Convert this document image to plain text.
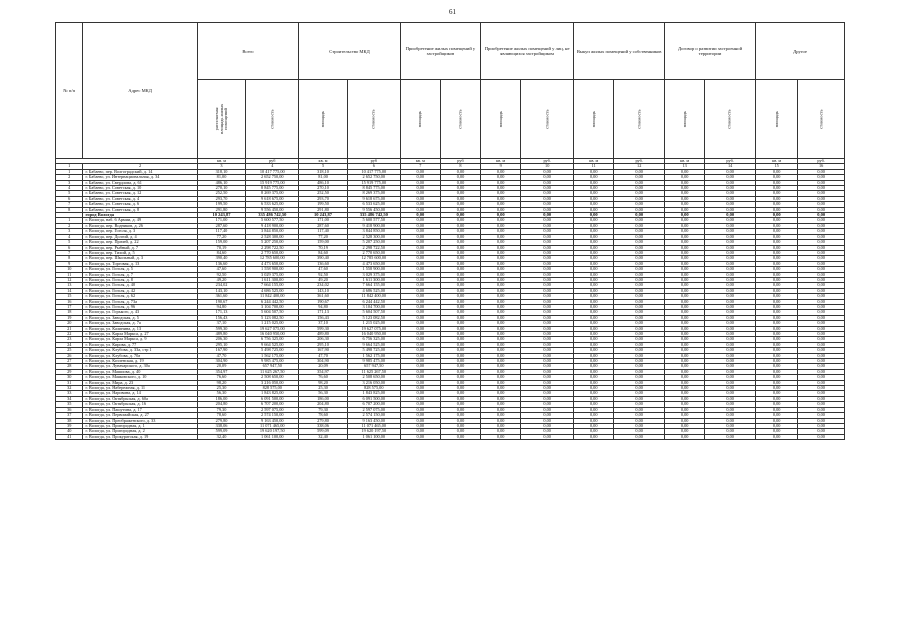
61
№ п/п	Адрес МКД	Всего		Строительство МКД		Приобретение жилых помещений у застройщиков		Приобретение жилых помещений у лиц, не являющихся застройщиком		Выкуп жилых помещений у собственников		Договор о развитии застроенной территории		Другое	
		расселяемая площадь жилых помещений	стоимость	площадь	стоимость	площадь	стоимость	площадь	стоимость	площадь	стоимость	площадь	стоимость	площадь	стоимость
		кв. м	руб	кв. м	руб	кв. м	руб	кв. м	руб.	кв. м	руб.	кв. м	руб.	кв. м	руб.
1	2	3	4	5	6	7	8	9	10	11	12	13	14	15	16
1	г. Бабаево, пер. Волгоградский, д. 14	318,10	10 417 775,00	318,10	10 417 775,00	0,00	0,00	0,00	0,00	0,00	0,00	0,00	0,00	0,00	0,00
2	г. Бабаево, ул. Интернациональная, д. 34	81,00	2 652 750,00	81,00	2 652 750,00	0,00	0,00	0,00	0,00	0,00	0,00	0,00	0,00	0,00	0,00
3	г. Бабаево, ул. Свердлова, д. 61	486,10	15 919 775,00	486,10	15 919 775,00	0,00	0,00	0,00	0,00	0,00	0,00	0,00	0,00	0,00	0,00
4	г. Бабаево, ул. Советская, д. 10	270,10	8 845 775,00	270,10	8 845 775,00	0,00	0,00	0,00	0,00	0,00	0,00	0,00	0,00	0,00	0,00
5	г. Бабаево, ул. Советская, д. 12	252,50	8 269 375,00	252,50	8 269 375,00	0,00	0,00	0,00	0,00	0,00	0,00	0,00	0,00	0,00	0,00
6	г. Бабаево, ул. Советская, д. 4	293,70	9 618 675,00	293,70	9 618 675,00	0,00	0,00	0,00	0,00	0,00	0,00	0,00	0,00	0,00	0,00
7	г. Бабаево, ул. Советская, д. 6	199,50	6 533 625,00	199,50	6 533 625,00	0,00	0,00	0,00	0,00	0,00	0,00	0,00	0,00	0,00	0,00
8	г. Бабаево, ул. Советская, д. 8	291,80	9 556 450,00	291,80	9 556 450,00	0,00	0,00	0,00	0,00	0,00	0,00	0,00	0,00	0,00	0,00
	город Вологда	10 243,87	335 486 742,50	10 243,87	335 486 742,50	0,00	0,00	0,00	0,00	0,00	0,00	0,00	0,00	0,00	0,00
1	г. Вологда, наб. 6 Армии, д. 49	171,00	5 600 577,50	171,00	5 600 577,50	0,00	0,00	0,00	0,00	0,00	0,00	0,00	0,00	0,00	0,00
2	г. Вологда, пер. Водников, д. 26	287,60	9 418 900,00	287,60	9 418 900,00	0,00	0,00	0,00	0,00	0,00	0,00	0,00	0,00	0,00	0,00
3	г. Вологда, пер. Гоголя, д. 3	117,40	3 844 850,00	117,40	3 844 850,00	0,00	0,00	0,00	0,00	0,00	0,00	0,00	0,00	0,00	0,00
4	г. Вологда, пер. Долгий, д. 4	77,20	2 528 300,00	77,20	2 528 300,00	0,00	0,00	0,00	0,00	0,00	0,00	0,00	0,00	0,00	0,00
5	г. Вологда, пер. Прачей, д. 22	159,00	5 207 250,00	159,00	5 207 250,00	0,00	0,00	0,00	0,00	0,00	0,00	0,00	0,00	0,00	0,00
6	г. Вологда, пер. Рыбный, д. 7	70,19	2 298 722,50	70,19	2 298 722,50	0,00	0,00	0,00	0,00	0,00	0,00	0,00	0,00	0,00	0,00
7	г. Вологда, пер. Тихий, д. 5	84,60	2 770 650,00	84,60	2 770 650,00	0,00	0,00	0,00	0,00	0,00	0,00	0,00	0,00	0,00	0,00
8	г. Вологда, пер. Школьный, д. 3	390,40	12 785 600,00	390,40	12 785 600,00	0,00	0,00	0,00	0,00	0,00	0,00	0,00	0,00	0,00	0,00
9	г. Вологда, ул. Торговая, д. 13	136,60	4 473 650,00	136,60	4 473 650,00	0,00	0,00	0,00	0,00	0,00	0,00	0,00	0,00	0,00	0,00
10	г. Вологда, ул. Гоголя, д. 5	47,60	1 558 900,00	47,60	1 558 900,00	0,00	0,00	0,00	0,00	0,00	0,00	0,00	0,00	0,00	0,00
11	г. Вологда, ул. Гоголя, д. 7	92,50	3 029 375,00	92,50	3 029 375,00	0,00	0,00	0,00	0,00	0,00	0,00	0,00	0,00	0,00	0,00
12	г. Вологда, ул. Гоголя, д. 8	49,20	1 611 300,00	49,20	1 611 300,00	0,00	0,00	0,00	0,00	0,00	0,00	0,00	0,00	0,00	0,00
13	г. Вологда, ул. Гоголя, д. 40	234,02	7 664 155,00	234,02	7 664 155,00	0,00	0,00	0,00	0,00	0,00	0,00	0,00	0,00	0,00	0,00
14	г. Вологда, ул. Гоголя, д. 42	143,10	4 686 525,00	143,10	4 686 525,00	0,00	0,00	0,00	0,00	0,00	0,00	0,00	0,00	0,00	0,00
15	г. Вологда, ул. Гоголя, д. 62	361,60	11 842 400,00	361,60	11 842 400,00	0,00	0,00	0,00	0,00	0,00	0,00	0,00	0,00	0,00	0,00
16	г. Вологда, ул. Гоголя, д. 73а	190,67	6 244 442,50	190,67	6 244 442,50	0,00	0,00	0,00	0,00	0,00	0,00	0,00	0,00	0,00	0,00
17	г. Вологда, ул. Гоголя, д. 96	94,80	3 104 700,00	94,80	3 104 700,00	0,00	0,00	0,00	0,00	0,00	0,00	0,00	0,00	0,00	0,00
18	г. Вологда, ул. Горького, д. 43	171,13	5 604 507,50	171,13	5 604 507,50	0,00	0,00	0,00	0,00	0,00	0,00	0,00	0,00	0,00	0,00
19	г. Вологда, ул. Заводская, д. 5	156,43	5 123 082,50	156,43	5 123 082,50	0,00	0,00	0,00	0,00	0,00	0,00	0,00	0,00	0,00	0,00
20	г. Вологда, ул. Заводская, д. 7а	37,10	1 215 025,00	37,10	1 215 025,00	0,00	0,00	0,00	0,00	0,00	0,00	0,00	0,00	0,00	0,00
21	г. Вологда, ул. Калинина, д. 13	599,30	19 627 075,00	599,30	19 627 075,00	0,00	0,00	0,00	0,00	0,00	0,00	0,00	0,00	0,00	0,00
22	г. Вологда, ул. Карла Маркса, д. 27	489,80	16 040 950,00	489,80	16 040 950,00	0,00	0,00	0,00	0,00	0,00	0,00	0,00	0,00	0,00	0,00
23	г. Вологда, ул. Карла Маркса, д. 9	206,30	6 756 325,00	206,30	6 756 325,00	0,00	0,00	0,00	0,00	0,00	0,00	0,00	0,00	0,00	0,00
24	г. Вологда, ул. Кирова, д. 77	295,10	9 664 525,00	295,10	9 664 525,00	0,00	0,00	0,00	0,00	0,00	0,00	0,00	0,00	0,00	0,00
25	г. Вологда, ул. Клубова, д. 33а, стр 1	167,90	5 498 725,00	167,90	5 498 725,00	0,00	0,00	0,00	0,00	0,00	0,00	0,00	0,00	0,00	0,00
26	г. Вологда, ул. Клубова, д. 70а	47,70	1 562 175,00	47,70	1 562 175,00	0,00	0,00	0,00	0,00	0,00	0,00	0,00	0,00	0,00	0,00
27	г. Вологда, ул. Козленская, д. 19	304,90	9 985 475,00	304,90	9 985 475,00	0,00	0,00	0,00	0,00	0,00	0,00	0,00	0,00	0,00	0,00
28	г. Вологда, ул. Луначарского, д. 30а	20,09	657 947,50	20,09	657 947,50	0,00	0,00	0,00	0,00	0,00	0,00	0,00	0,00	0,00	0,00
29	г. Вологда, ул. Машиова, д. 40	354,97	11 625 267,50	354,97	11 625 267,50	0,00	0,00	0,00	0,00	0,00	0,00	0,00	0,00	0,00	0,00
30	г. Вологда, ул. Маяковского, д. 10	76,60	2 508 650,00	76,60	2 508 650,00	0,00	0,00	0,00	0,00	0,00	0,00	0,00	0,00	0,00	0,00
31	г. Вологда, ул. Мира, д. 23	98,20	3 216 050,00	98,20	3 216 050,00	0,00	0,00	0,00	0,00	0,00	0,00	0,00	0,00	0,00	0,00
32	г. Вологда, ул. Набережная, д. 11	25,30	828 575,00	25,30	828 575,00	0,00	0,00	0,00	0,00	0,00	0,00	0,00	0,00	0,00	0,00
33	г. Вологда, ул. Наровина, д. 14	56,30	1 843 825,00	56,30	1 843 825,00	0,00	0,00	0,00	0,00	0,00	0,00	0,00	0,00	0,00	0,00
34	г. Вологда, ул. Октябрьская, д. 60а	186,00	6 091 500,00	186,00	6 091 500,00	0,00	0,00	0,00	0,00	0,00	0,00	0,00	0,00	0,00	0,00
35	г. Вологда, ул. Октябрьская, д. 16	204,80	6 707 200,00	204,80	6 707 200,00	0,00	0,00	0,00	0,00	0,00	0,00	0,00	0,00	0,00	0,00
36	г. Вологда, ул. Пашутина, д. 17	79,30	2 597 075,00	79,30	2 597 075,00	0,00	0,00	0,00	0,00	0,00	0,00	0,00	0,00	0,00	0,00
37	г. Вологда, ул. Первомайская, д. 27	78,60	2 574 150,00	78,60	2 574 150,00	0,00	0,00	0,00	0,00	0,00	0,00	0,00	0,00	0,00	0,00
38	г. Вологда, ул. Преображенского, д. 33	279,80	9 163 450,00	279,80	9 163 450,00	0,00	0,00	0,00	0,00	0,00	0,00	0,00	0,00	0,00	0,00
39	г. Вологда, ул. Пригородная, д. 1	338,06	11 071 465,00	338,06	11 071 465,00	0,00	0,00	0,00	0,00	0,00	0,00	0,00	0,00	0,00	0,00
40	г. Вологда, ул. Пригородная, д. 2	599,09	19 620 197,50	599,09	19 620 197,50	0,00	0,00	0,00	0,00	0,00	0,00	0,00	0,00	0,00	0,00
41	г. Вологда, ул. Прокуратская, д. 19	32,40	1 061 100,00	32,40	1 061 100,00	0,00	0,00	0,00	0,00	0,00	0,00	0,00	0,00	0,00	0,00
